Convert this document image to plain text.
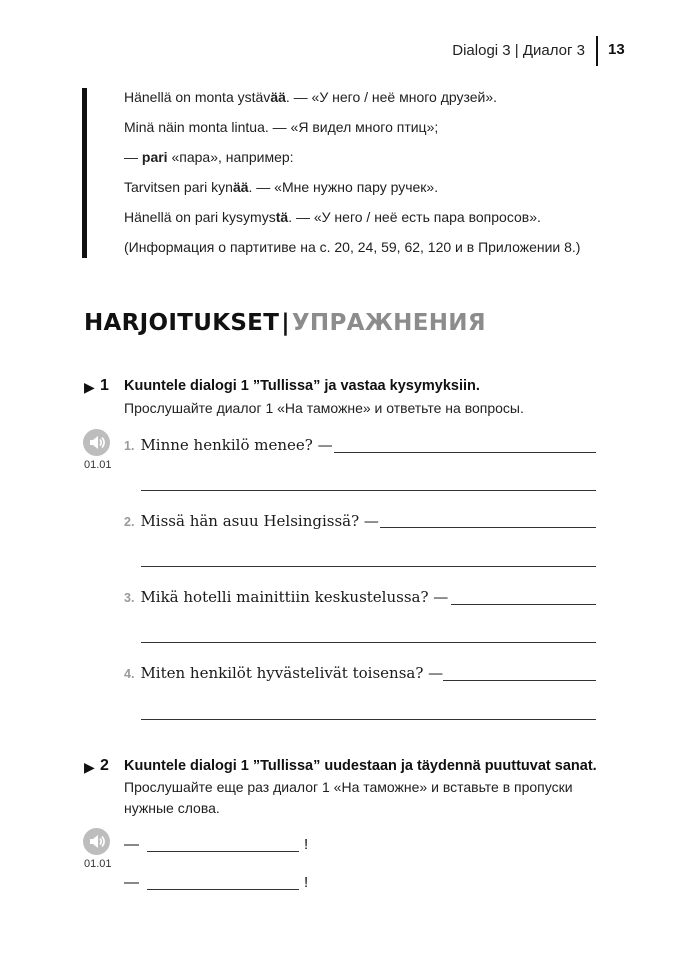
Dialogi 3 | Диалог 3 13
Hänellä on monta ystävää. — «У него / неё много друзей».
Minä näin monta lintua. — «Я видел много птиц»;
— pari «пара», например:
Tarvitsen pari kynää. — «Мне нужно пару ручек».
Hänellä on pari kysymystä. — «У него / неё есть пара вопросов».
(Информация о партитиве на с. 20, 24, 59, 62, 120 и в Приложении 8.)
HARJOITUKSET|УПРАЖНЕНИЯ
▶ 1 Kuuntele dialogi 1 ”Tullissa” ja vastaa kysymyksiin.
Прослушайте диалог 1 «На таможне» и ответьте на вопросы.
01.01
1. Minne henkilö menee? —
2. Missä hän asuu Helsingissä? —
3. Mikä hotelli mainittiin keskustelussa? —
4. Miten henkilöt hyvästelivät toisensa? —
▶ 2 Kuuntele dialogi 1 ”Tullissa” uudestaan ja täydennä puuttuvat sanat.
Прослушайте еще раз диалог 1 «На таможне» и вставьте в пропуски
нужные слова.
01.01
—	!
—	!
